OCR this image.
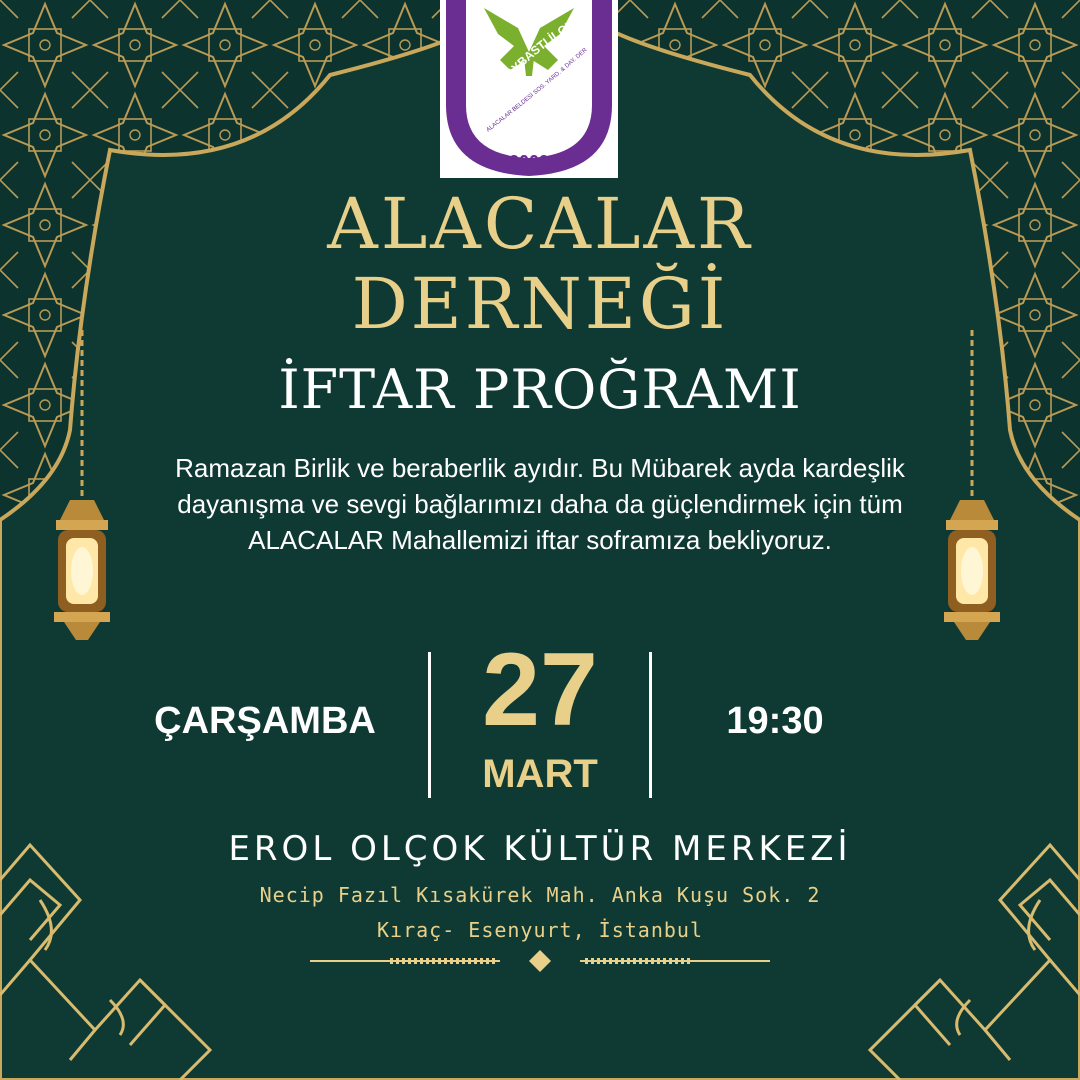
ORDU İLİ AYBASTI İLÇESİ
ALACALAR BELDESİ SOS. YARD. & DAY. DER
2009

ALACALAR

DERNEĞİ

İFTAR PROĞRAMI

Ramazan Birlik ve beraberlik ayıdır. Bu Mübarek ayda kardeşlik dayanışma ve sevgi bağlarımızı daha da güçlendirmek için tüm ALACALAR Mahallemizi iftar soframıza bekliyoruz.

ÇARŞAMBA	27
MART
19:30

EROL OLÇOK KÜLTÜR MERKEZİ

Necip Fazıl Kısakürek Mah. Anka Kuşu Sok. 2

Kıraç- Esenyurt, İstanbul
